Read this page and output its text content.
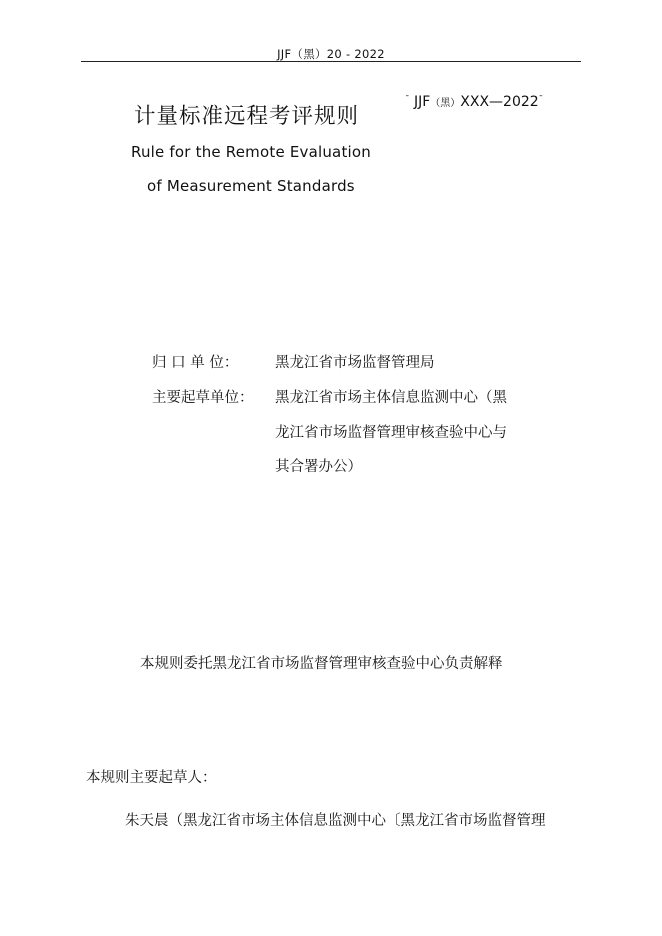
JJF（黑）20 - 2022
计量标准远程考评规则
¯ JJF（黑）XXX—2022¯
Rule for the Remote Evaluation
of Measurement Standards
归 口 单 位：	黑龙江省市场监督管理局
主要起草单位： 黑龙江省市场主体信息监测中心（黑
龙江省市场监督管理审核查验中心与
其合署办公）
本规则委托黑龙江省市场监督管理审核查验中心负责解释
本规则主要起草人：
朱天晨（黑龙江省市场主体信息监测中心〔黑龙江省市场监督管理
